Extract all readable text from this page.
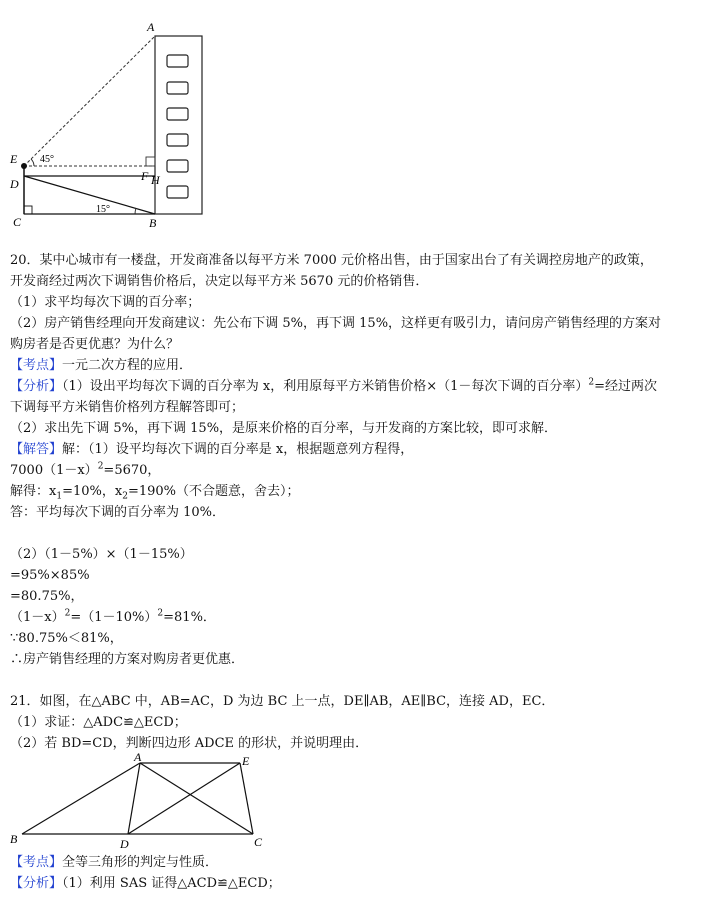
A
E
D
C	B
F H
45°
15°
20．某中心城市有一楼盘，开发商准备以每平方米 7000 元价格出售，由于国家出台了有关调控房地产的政策，
开发商经过两次下调销售价格后，决定以每平方米 5670 元的价格销售．
（1）求平均每次下调的百分率；
（2）房产销售经理向开发商建议：先公布下调 5%，再下调 15%，这样更有吸引力，请问房产销售经理的方案对
购房者是否更优惠？为什么？
【考点】一元二次方程的应用．
【分析】（1）设出平均每次下调的百分率为 x，利用原每平方米销售价格×（1－每次下调的百分率）$^2$=经过两次
下调每平方米销售价格列方程解答即可；
（2）求出先下调 5%，再下调 15%，是原来价格的百分率，与开发商的方案比较，即可求解．
【解答】解：（1）设平均每次下调的百分率是 x，根据题意列方程得，
$7000(1-x)^2=5670$，
解得：$x_1=10\%$，$x_2=190\%$（不合题意，舍去）；
答：平均每次下调的百分率为 10%．
（2）（1－5%）×（1－15%）
=95%×85%
=80.75%，
$(1-x)^2=(1-10\%)^2=81\%$．
∵80.75%＜81%，
∴房产销售经理的方案对购房者更优惠．
21．如图，在△ABC 中，AB=AC，D 为边 BC 上一点，DE∥AB，AE∥BC，连接 AD，EC．
（1）求证：△ADC≌△ECD；
（2）若 BD=CD，判断四边形 ADCE 的形状，并说明理由．
A	E
B	D	C
【考点】全等三角形的判定与性质．
【分析】（1）利用 SAS 证得△ACD≌△ECD；
